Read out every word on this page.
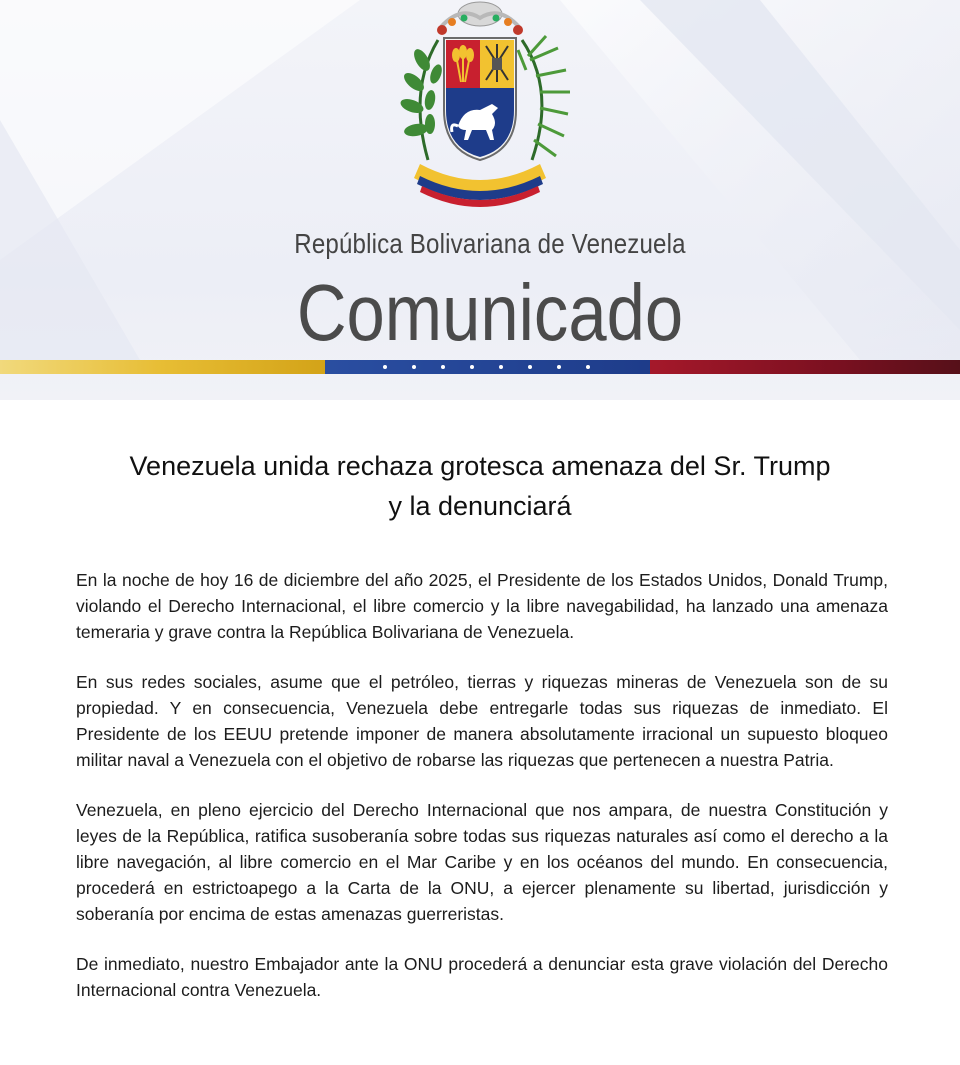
República Bolivariana de Venezuela
Comunicado
Venezuela unida rechaza grotesca amenaza del Sr. Trump
y la denunciará

En la noche de hoy 16 de diciembre del año 2025, el Presidente de los Estados Unidos, Donald Trump, violando el Derecho Internacional, el libre comercio y la libre navegabilidad, ha lanzado una amenaza temeraria y grave contra la República Bolivariana de Venezuela.

En sus redes sociales, asume que el petróleo, tierras y riquezas mineras de Venezuela son de su propiedad. Y en consecuencia, Venezuela debe entregarle todas sus riquezas de inmediato. El Presidente de los EEUU pretende imponer de manera absolutamente irracional un supuesto bloqueo militar naval a Venezuela con el objetivo de robarse las riquezas que pertenecen a nuestra Patria.

Venezuela, en pleno ejercicio del Derecho Internacional que nos ampara, de nuestra Constitución y leyes de la República, ratifica susoberanía sobre todas sus riquezas naturales así como el derecho a la libre navegación, al libre comercio en el Mar Caribe y en los océanos del mundo. En consecuencia, procederá en estrictoapego a la Carta de la ONU, a ejercer plenamente su libertad, jurisdicción y soberanía por encima de estas amenazas guerreristas.

De inmediato, nuestro Embajador ante la ONU procederá a denunciar esta grave violación del Derecho Internacional contra Venezuela.
